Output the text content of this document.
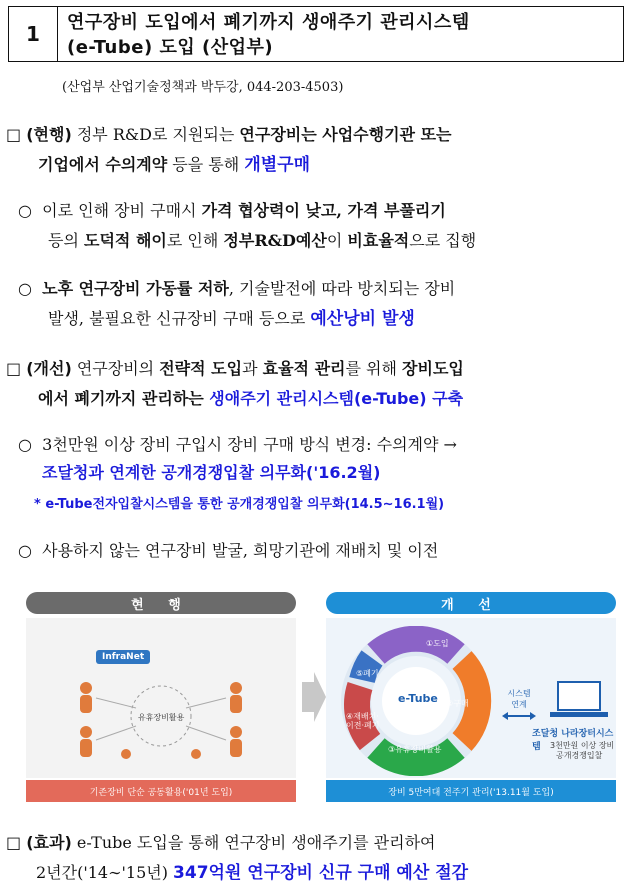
1	연구장비 도입에서 폐기까지 생애주기 관리시스템
(e-Tube) 도입 (산업부)
(산업부 산업기술정책과 박두강, 044-203-4503)
□ (현행) 정부 R&D로 지원되는 연구장비는 사업수행기관 또는
기업에서 수의계약 등을 통해 개별구매
○ 이로 인해 장비 구매시 가격 협상력이 낮고, 가격 부풀리기
등의 도덕적 해이로 인해 정부R&D예산이 비효율적으로 집행
○ 노후 연구장비 가동률 저하, 기술발전에 따라 방치되는 장비
발생, 불필요한 신규장비 구매 등으로 예산낭비 발생
□ (개선) 연구장비의 전략적 도입과 효율적 관리를 위해 장비도입
에서 폐기까지 관리하는 생애주기 관리시스템(e-Tube) 구축
○ 3천만원 이상 장비 구입시 장비 구매 방식 변경: 수의계약 →
조달청과 연계한 공개경쟁입찰 의무화('16.2월)
* e-Tube전자입찰시스템을 통한 공개경쟁입찰 의무화(14.5∼16.1월)
○ 사용하지 않는 연구장비 발굴, 희망기관에 재배치 및 이전
현 행	개 선
InfraNet
유휴장비활용
e-Tube
⑤폐기
①도입
②구매
③유휴장비활용
④재배치·이전·폐기
시스템 연계
조달청 나라장터시스템	3천만원 이상 장비
공개경쟁입찰
기존장비 단순 공동활용('01년 도입)	장비 5만여대 전주기 관리('13.11월 도입)
□ (효과) e-Tube 도입을 통해 연구장비 생애주기를 관리하여
2년간('14∼'15년) 347억원 연구장비 신규 구매 예산 절감
